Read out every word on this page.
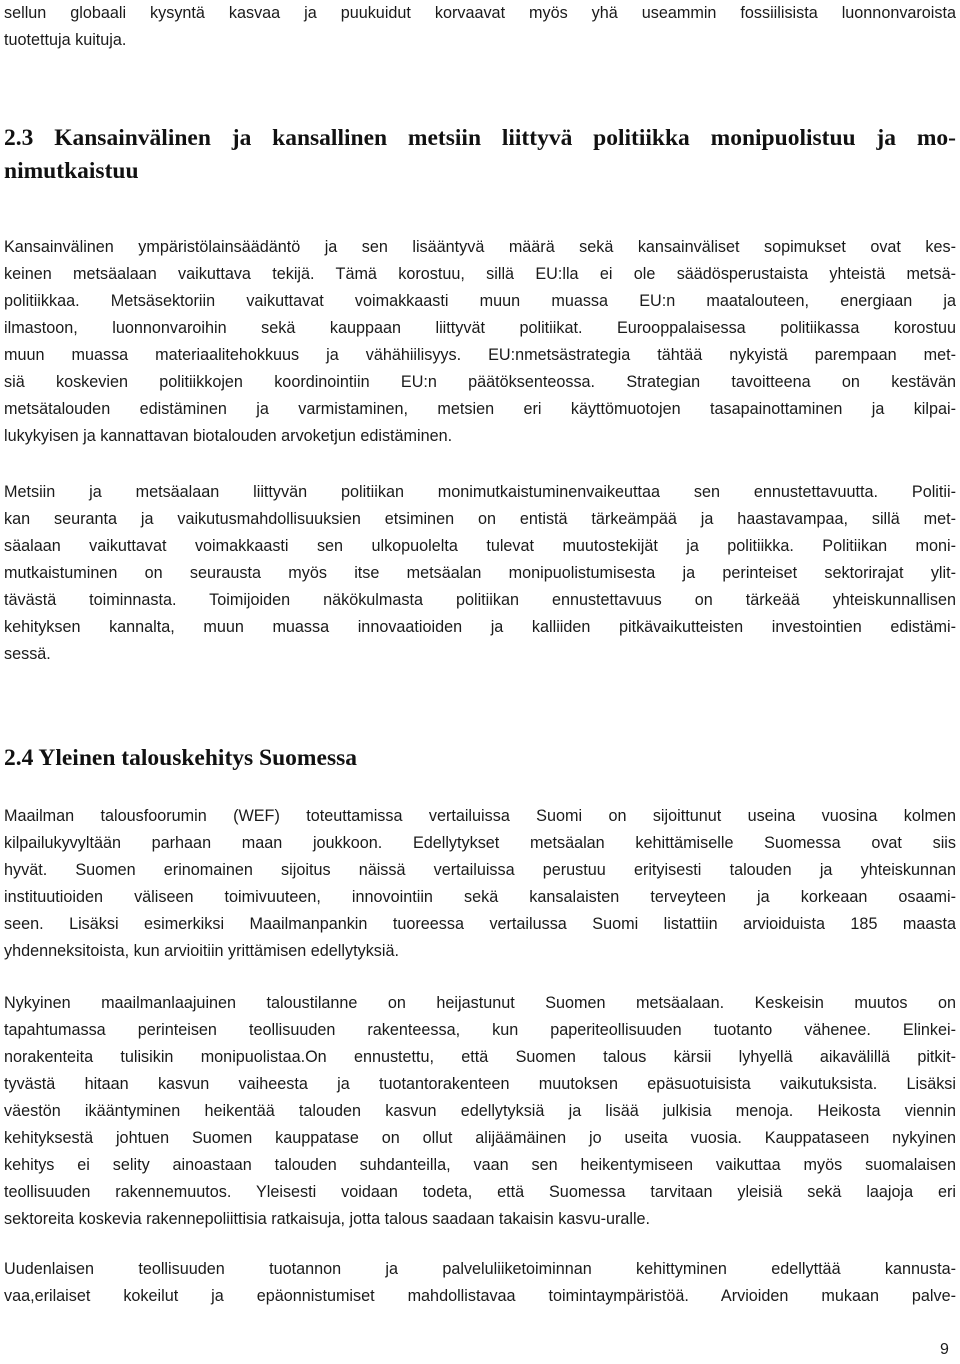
sellun globaali kysyntä kasvaa ja puukuidut korvaavat myös yhä useammin fossiilisista luonnonvaroista
tuotettuja kuituja.
2.3 Kansainvälinen ja kansallinen metsiin liittyvä politiikka monipuolistuu ja mo-
nimutkaistuu
Kansainvälinen ympäristölainsäädäntö ja sen lisääntyvä määrä sekä kansainväliset sopimukset ovat kes-
keinen metsäalaan vaikuttava tekijä. Tämä korostuu, sillä EU:lla ei ole säädösperustaista yhteistä metsä-
politiikkaa. Metsäsektoriin vaikuttavat voimakkaasti muun muassa EU:n maatalouteen, energiaan ja
ilmastoon, luonnonvaroihin sekä kauppaan liittyvät politiikat. Eurooppalaisessa politiikassa korostuu
muun muassa materiaalitehokkuus ja vähähiilisyys. EU:nmetsästrategia tähtää nykyistä parempaan met-
siä koskevien politiikkojen koordinointiin EU:n päätöksenteossa. Strategian tavoitteena on kestävän
metsätalouden edistäminen ja varmistaminen, metsien eri käyttömuotojen tasapainottaminen ja kilpai-
lukykyisen ja kannattavan biotalouden arvoketjun edistäminen.
Metsiin ja metsäalaan liittyvän politiikan monimutkaistuminenvaikeuttaa sen ennustettavuutta. Politii-
kan seuranta ja vaikutusmahdollisuuksien etsiminen on entistä tärkeämpää ja haastavampaa, sillä met-
säalaan vaikuttavat voimakkaasti sen ulkopuolelta tulevat muutostekijät ja politiikka. Politiikan moni-
mutkaistuminen on seurausta myös itse metsäalan monipuolistumisesta ja perinteiset sektorirajat ylit-
tävästä toiminnasta. Toimijoiden näkökulmasta politiikan ennustettavuus on tärkeää yhteiskunnallisen
kehityksen kannalta, muun muassa innovaatioiden ja kalliiden pitkävaikutteisten investointien edistämi-
sessä.
2.4 Yleinen talouskehitys Suomessa
Maailman talousfoorumin (WEF) toteuttamissa vertailuissa Suomi on sijoittunut useina vuosina kolmen
kilpailukyvyltään parhaan maan joukkoon. Edellytykset metsäalan kehittämiselle Suomessa ovat siis
hyvät. Suomen erinomainen sijoitus näissä vertailuissa perustuu erityisesti talouden ja yhteiskunnan
instituutioiden väliseen toimivuuteen, innovointiin sekä kansalaisten terveyteen ja korkeaan osaami-
seen. Lisäksi esimerkiksi Maailmanpankin tuoreessa vertailussa Suomi listattiin arvioiduista 185 maasta
yhdenneksitoista, kun arvioitiin yrittämisen edellytyksiä.
Nykyinen maailmanlaajuinen taloustilanne on heijastunut Suomen metsäalaan. Keskeisin muutos on
tapahtumassa perinteisen teollisuuden rakenteessa, kun paperiteollisuuden tuotanto vähenee. Elinkei-
norakenteita tulisikin monipuolistaa.On ennustettu, että Suomen talous kärsii lyhyellä aikavälillä pitkit-
tyvästä hitaan kasvun vaiheesta ja tuotantorakenteen muutoksen epäsuotuisista vaikutuksista. Lisäksi
väestön ikääntyminen heikentää talouden kasvun edellytyksiä ja lisää julkisia menoja. Heikosta viennin
kehityksestä johtuen Suomen kauppatase on ollut alijäämäinen jo useita vuosia. Kauppataseen nykyinen
kehitys ei selity ainoastaan talouden suhdanteilla, vaan sen heikentymiseen vaikuttaa myös suomalaisen
teollisuuden rakennemuutos. Yleisesti voidaan todeta, että Suomessa tarvitaan yleisiä sekä laajoja eri
sektoreita koskevia rakennepoliittisia ratkaisuja, jotta talous saadaan takaisin kasvu-uralle.
Uudenlaisen teollisuuden tuotannon ja palveluliiketoiminnan kehittyminen edellyttää kannusta-
vaa,erilaiset kokeilut ja epäonnistumiset mahdollistavaa toimintaympäristöä. Arvioiden mukaan palve-
9
